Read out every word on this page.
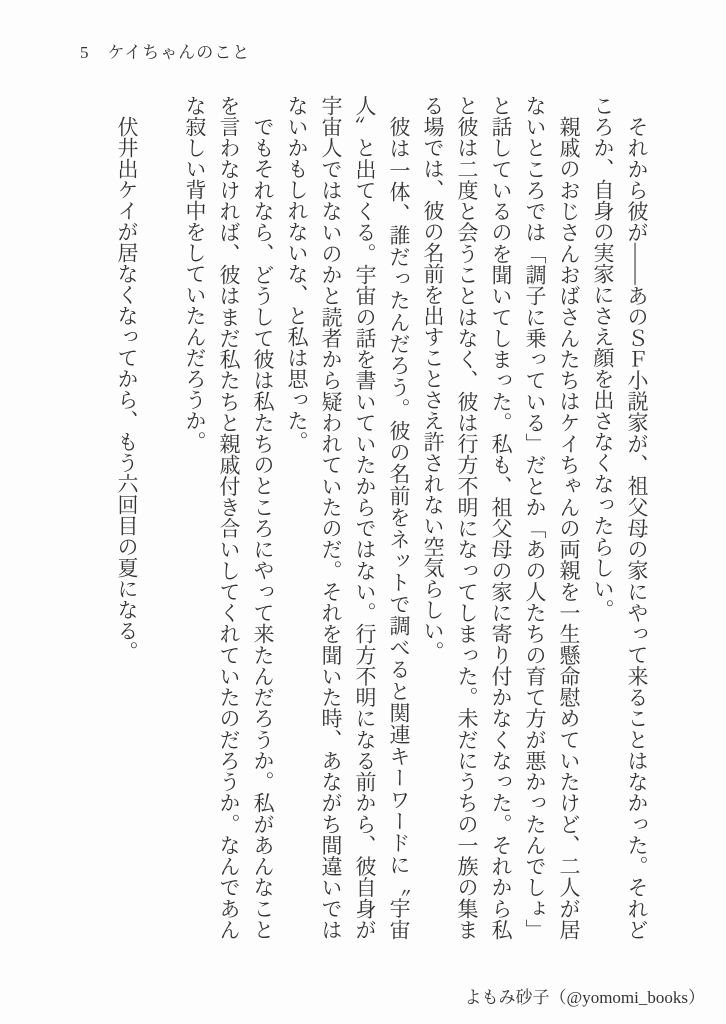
5　ケイちゃんのこと

それから彼が――あのＳＦ小説家が、祖父母の家にやって来ることはなかった。それどころか、自身の実家にさえ顔を出さなくなったらしい。

親戚のおじさんおばさんたちはケイちゃんの両親を一生懸命慰めていたけど、二人が居ないところでは「調子に乗っている」だとか「あの人たちの育て方が悪かったんでしょ」と話しているのを聞いてしまった。私も、祖父母の家に寄り付かなくなった。それから私と彼は二度と会うことはなく、彼は行方不明になってしまった。未だにうちの一族の集まる場では、彼の名前を出すことさえ許されない空気らしい。

彼は一体、誰だったんだろう。彼の名前をネットで調べると関連キーワードに〝宇宙人〟と出てくる。宇宙の話を書いていたからではない。行方不明になる前から、彼自身が宇宙人ではないのかと読者から疑われていたのだ。それを聞いた時、あながち間違いではないかもしれないな、と私は思った。

でもそれなら、どうして彼は私たちのところにやって来たんだろうか。私があんなことを言わなければ、彼はまだ私たちと親戚付き合いしてくれていたのだろうか。なんであんな寂しい背中をしていたんだろうか。

伏井出ケイが居なくなってから、もう六回目の夏になる。

よもみ砂子（@yomomi_books）
